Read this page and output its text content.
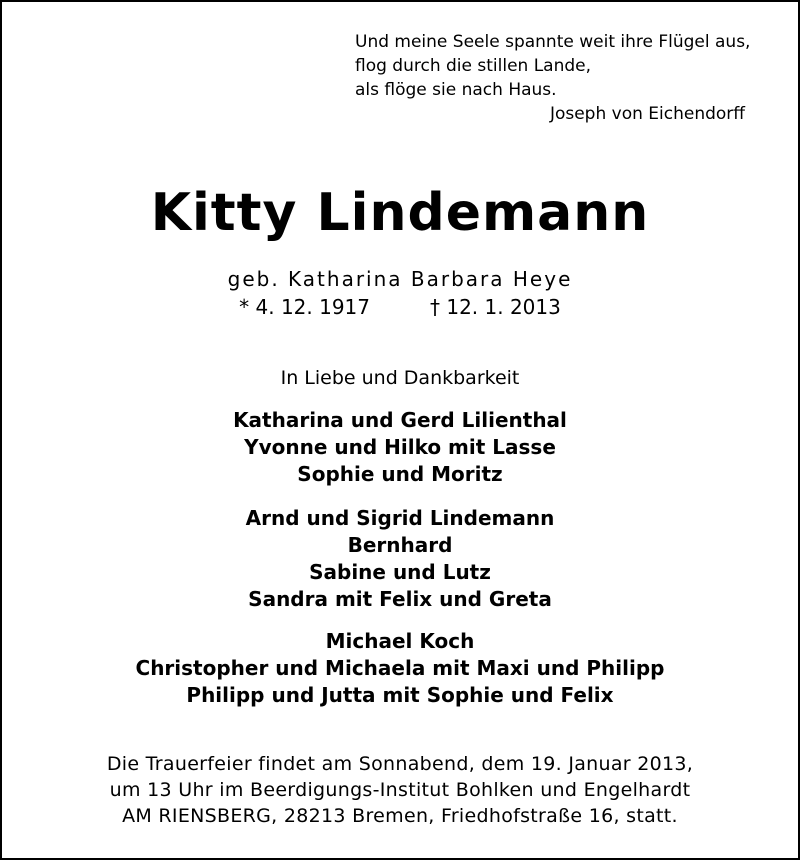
Und meine Seele spannte weit ihre Flügel aus,
flog durch die stillen Lande,
als flöge sie nach Haus.
Joseph von Eichendorff
Kitty Lindemann
geb. Katharina Barbara Heye
* 4. 12. 1917	† 12. 1. 2013
In Liebe und Dankbarkeit
Katharina und Gerd Lilienthal
Yvonne und Hilko mit Lasse
Sophie und Moritz
Arnd und Sigrid Lindemann
Bernhard
Sabine und Lutz
Sandra mit Felix und Greta
Michael Koch
Christopher und Michaela mit Maxi und Philipp
Philipp und Jutta mit Sophie und Felix
Die Trauerfeier findet am Sonnabend, dem 19. Januar 2013,
um 13 Uhr im Beerdigungs-Institut Bohlken und Engelhardt
AM RIENSBERG, 28213 Bremen, Friedhofstraße 16, statt.
